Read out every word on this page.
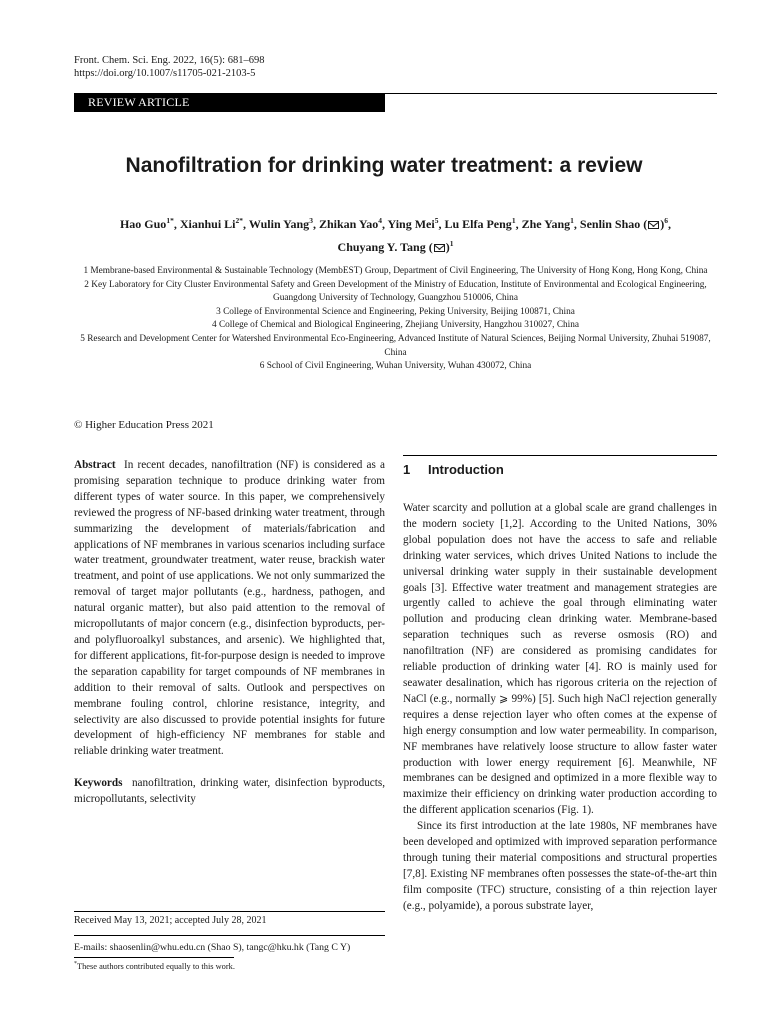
Front. Chem. Sci. Eng. 2022, 16(5): 681–698
https://doi.org/10.1007/s11705-021-2103-5
REVIEW ARTICLE
Nanofiltration for drinking water treatment: a review
Hao Guo$^{1*}$, Xianhui $Li^{2*}$, Wulin Yang$^3$, Zhikan Yao$^4$, Ying Mei$^5$, Lu Elfa Peng$^1$, Zhe Yang$^1$, Senlin Shao ( )$^6$,
Chuyang Y. Tang ( )$^1$
1 Membrane-based Environmental & Sustainable Technology (MembEST) Group, Department of Civil Engineering, The University of Hong Kong, Hong Kong, China
2 Key Laboratory for City Cluster Environmental Safety and Green Development of the Ministry of Education, Institute of Environmental and Ecological Engineering, Guangdong University of Technology, Guangzhou 510006, China
3 College of Environmental Science and Engineering, Peking University, Beijing 100871, China
4 College of Chemical and Biological Engineering, Zhejiang University, Hangzhou 310027, China
5 Research and Development Center for Watershed Environmental Eco-Engineering, Advanced Institute of Natural Sciences, Beijing Normal University, Zhuhai 519087, China
6 School of Civil Engineering, Wuhan University, Wuhan 430072, China
© Higher Education Press 2021

Abstract In recent decades, nanofiltration (NF) is considered as a promising separation technique to produce drinking water from different types of water source. In this paper, we comprehensively reviewed the progress of NF-based drinking water treatment, through summarizing the development of materials/fabrication and applications of NF membranes in various scenarios including surface water treatment, groundwater treatment, water reuse, brackish water treatment, and point of use applications. We not only summarized the removal of target major pollutants (e.g., hardness, pathogen, and natural organic matter), but also paid attention to the removal of micropollutants of major concern (e.g., disinfection byproducts, per- and polyfluoroalkyl substances, and arsenic). We highlighted that, for different applications, fit-for-purpose design is needed to improve the separation capability for target compounds of NF membranes in addition to their removal of salts. Outlook and perspectives on membrane fouling control, chlorine resistance, integrity, and selectivity are also discussed to provide potential insights for future development of high-efficiency NF membranes for stable and reliable drinking water treatment.

Keywords nanofiltration, drinking water, disinfection byproducts, micropollutants, selectivity

1 Introduction

Water scarcity and pollution at a global scale are grand challenges in the modern society [1,2]. According to the United Nations, 30% global population does not have the access to safe and reliable drinking water services, which drives United Nations to include the universal drinking water supply in their sustainable development goals [3]. Effective water treatment and management strategies are urgently called to achieve the goal through eliminating water pollution and producing clean drinking water. Membrane-based separation techniques such as reverse osmosis (RO) and nanofiltration (NF) are considered as promising candidates for reliable production of drinking water [4]. RO is mainly used for seawater desalination, which has rigorous criteria on the rejection of NaCl (e.g., normally ⩾ 99%) [5]. Such high NaCl rejection generally requires a dense rejection layer who often comes at the expense of high energy consumption and low water permeability. In comparison, NF membranes have relatively loose structure to allow faster water production with lower energy requirement [6]. Meanwhile, NF membranes can be designed and optimized in a more flexible way to maximize their efficiency on drinking water production according to the different application scenarios (Fig. 1).

Since its first introduction at the late 1980s, NF membranes have been developed and optimized with improved separation performance through tuning their material compositions and structural properties [7,8]. Existing NF membranes often possesses the state-of-the-art thin film composite (TFC) structure, consisting of a thin rejection layer (e.g., polyamide), a porous substrate layer,

Received May 13, 2021; accepted July 28, 2021
E-mails: shaosenlin@whu.edu.cn (Shao S), tangc@hku.hk (Tang C Y)
*These authors contributed equally to this work.
